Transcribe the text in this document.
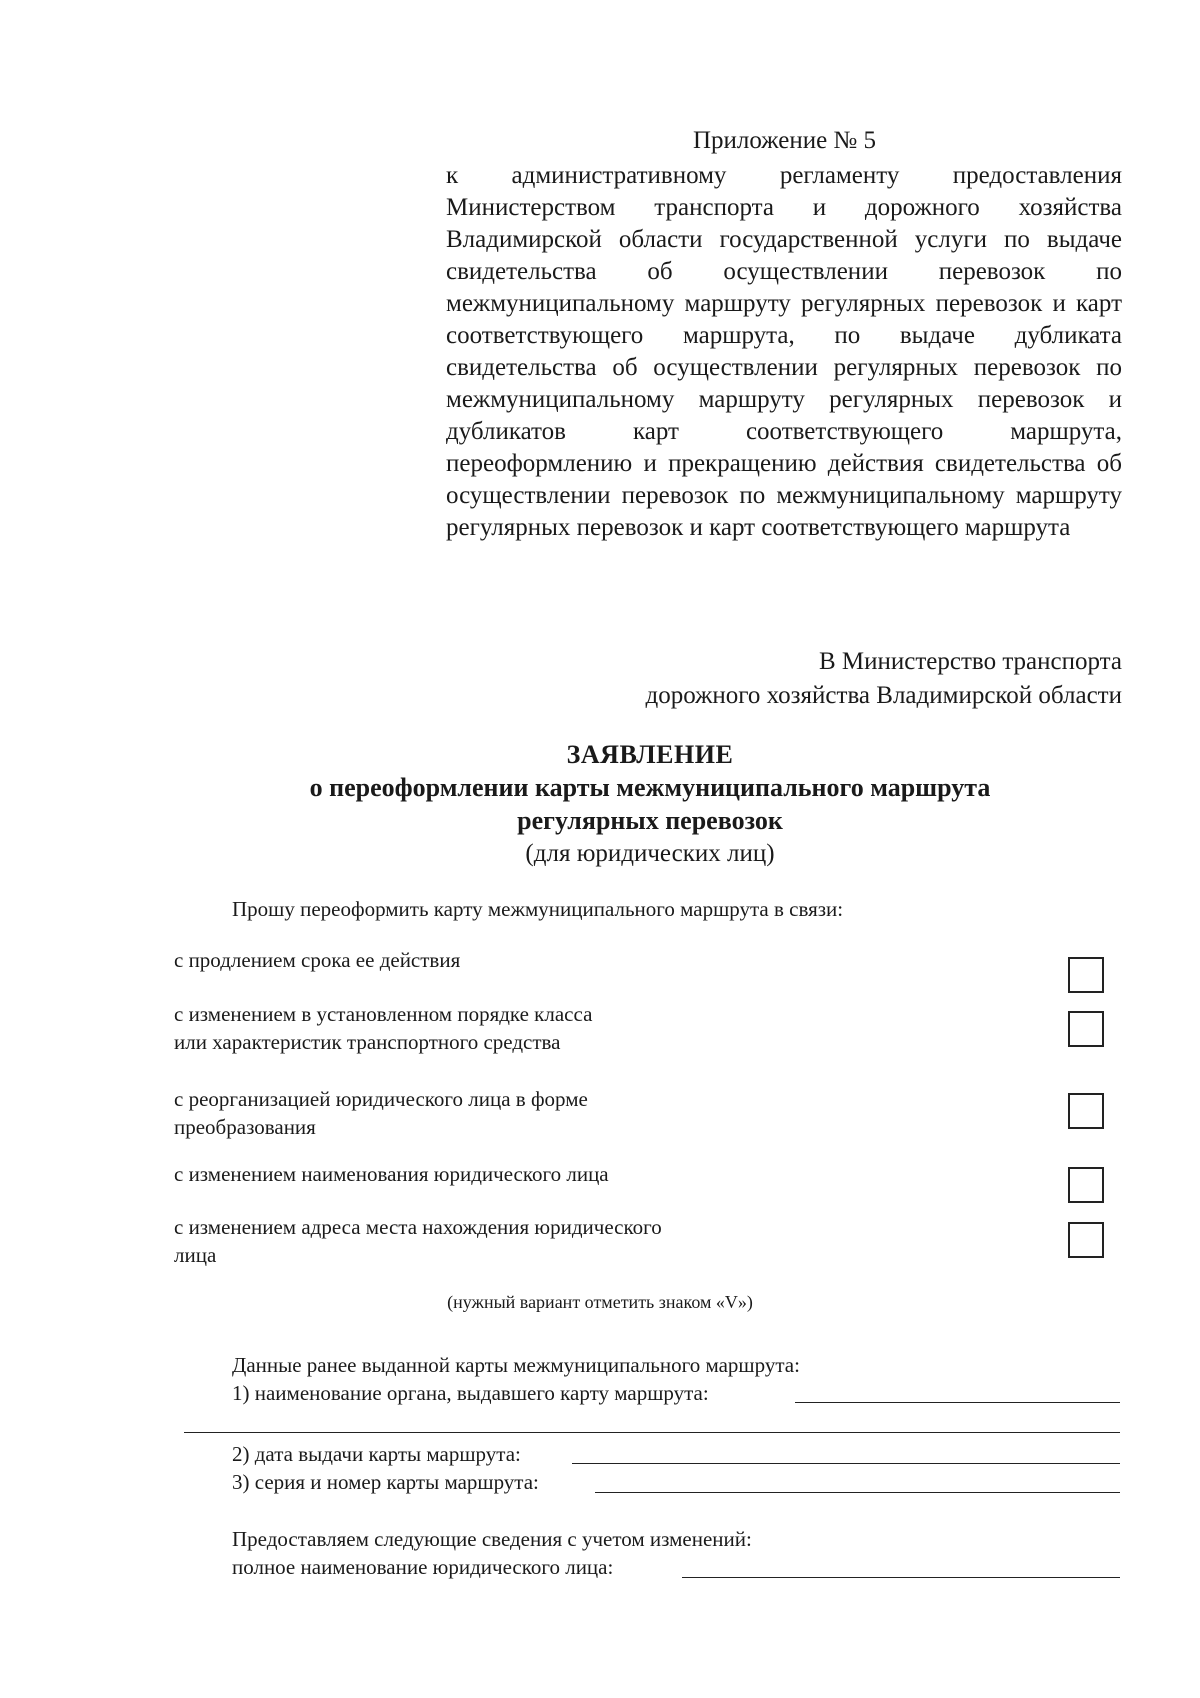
Приложение № 5
к административному регламенту предоставления Министерством транспорта и дорожного хозяйства Владимирской области государственной услуги по выдаче свидетельства об осуществлении перевозок по межмуниципальному маршруту регулярных перевозок и карт соответствующего маршрута, по выдаче дубликата свидетельства об осуществлении регулярных перевозок по межмуниципальному маршруту регулярных перевозок и дубликатов карт соответствующего маршрута, переоформлению и прекращению действия свидетельства об осуществлении перевозок по межмуниципальному маршруту регулярных перевозок и карт соответствующего маршрута
В Министерство транспорта
дорожного хозяйства Владимирской области
ЗАЯВЛЕНИЕ
о переоформлении карты межмуниципального маршрута
регулярных перевозок
(для юридических лиц)
Прошу переоформить карту межмуниципального маршрута в связи:
с продлением срока ее действия
с изменением в установленном порядке класса
или характеристик транспортного средства
с реорганизацией юридического лица в форме
преобразования
с изменением наименования юридического лица
с изменением адреса места нахождения юридического
лица
(нужный вариант отметить знаком «V»)
Данные ранее выданной карты межмуниципального маршрута:
1) наименование органа, выдавшего карту маршрута:
2) дата выдачи карты маршрута:
3) серия и номер карты маршрута:
Предоставляем следующие сведения с учетом изменений:
полное наименование юридического лица:
